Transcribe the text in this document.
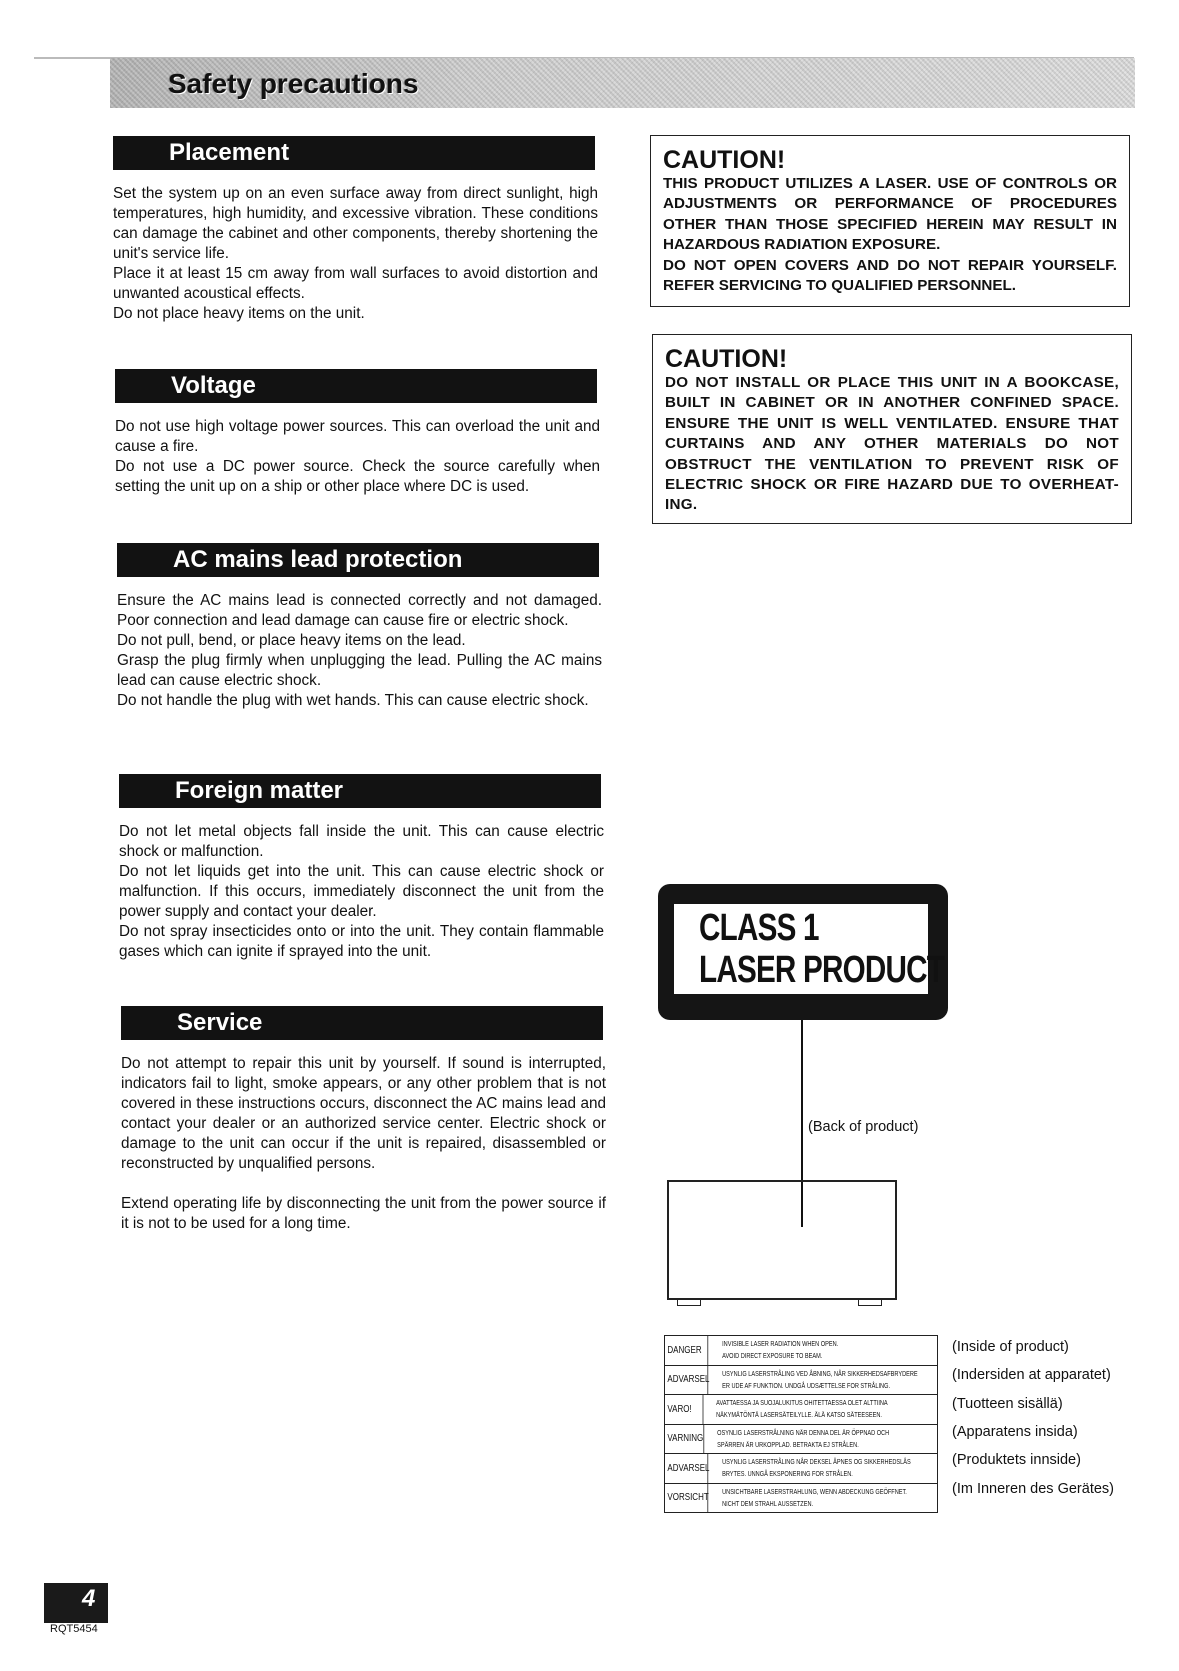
Safety precautions
Placement

Set the system up on an even surface away from direct sunlight, high temperatures, high humidity, and excessive vibration. These conditions can damage the cabinet and other components, thereby shortening the unit's service life.

Place it at least 15 cm away from wall surfaces to avoid distortion and unwanted acoustical effects.

Do not place heavy items on the unit.

Voltage

Do not use high voltage power sources. This can overload the unit and cause a fire.

Do not use a DC power source. Check the source carefully when setting the unit up on a ship or other place where DC is used.

AC mains lead protection

Ensure the AC mains lead is connected correctly and not damaged. Poor connection and lead damage can cause fire or electric shock.

Do not pull, bend, or place heavy items on the lead.

Grasp the plug firmly when unplugging the lead. Pulling the AC mains lead can cause electric shock.

Do not handle the plug with wet hands. This can cause electric shock.

Foreign matter

Do not let metal objects fall inside the unit. This can cause electric shock or malfunction.

Do not let liquids get into the unit. This can cause electric shock or malfunction. If this occurs, immediately disconnect the unit from the power supply and contact your dealer.

Do not spray insecticides onto or into the unit. They contain flammable gases which can ignite if sprayed into the unit.

Service

Do not attempt to repair this unit by yourself. If sound is interrupted, indicators fail to light, smoke appears, or any other problem that is not covered in these instructions occurs, disconnect the AC mains lead and contact your dealer or an authorized service center. Electric shock or damage to the unit can occur if the unit is repaired, disassembled or reconstructed by unqualified persons.

Extend operating life by disconnecting the unit from the power source if it is not to be used for a long time.

CAUTION!
THIS PRODUCT UTILIZES A LASER. USE OF CONTROLS OR ADJUSTMENTS OR PERFORMANCE OF PROCEDURES OTHER THAN THOSE SPECIFIED HEREIN MAY RESULT IN HAZARDOUS RADIATION EXPOSURE.
DO NOT OPEN COVERS AND DO NOT REPAIR YOURSELF. REFER SERVICING TO QUALIFIED PERSONNEL.
CAUTION!
DO NOT INSTALL OR PLACE THIS UNIT IN A BOOKCASE, BUILT IN CABINET OR IN ANOTHER CONFINED SPACE. ENSURE THE UNIT IS WELL VENTILATED. ENSURE THAT CURTAINS AND ANY OTHER MATERIALS DO NOT OBSTRUCT THE VENTILATION TO PREVENT RISK OF ELECTRIC SHOCK OR FIRE HAZARD DUE TO OVERHEAT-ING.
CLASS 1
LASER PRODUCT
(Back of product)
DANGER
INVISIBLE LASER RADIATION WHEN OPEN.
AVOID DIRECT EXPOSURE TO BEAM.
ADVARSEL
USYNLIG LASERSTRÅLING VED ÅBNING, NÅR SIKKERHEDSAFBRYDERE
ER UDE AF FUNKTION. UNDGÅ UDSÆTTELSE FOR STRÅLING.
VARO!
AVATTAESSA JA SUOJALUKITUS OHITETTAESSA OLET ALTTIINA
NÄKYMÄTÖNTÄ LASERSÄTEILYLLE. ÄLÄ KATSO SÄTEESEEN.
VARNING
OSYNLIG LASERSTRÅLNING NÄR DENNA DEL ÄR ÖPPNAD OCH
SPÄRREN ÄR URKOPPLAD. BETRAKTA EJ STRÅLEN.
ADVARSEL
USYNLIG LASERSTRÅLING NÅR DEKSEL ÅPNES OG SIKKERHEDSLÅS
BRYTES. UNNGÅ EKSPONERING FOR STRÅLEN.
VORSICHT
UNSICHTBARE LASERSTRAHLUNG, WENN ABDECKUNG GEÖFFNET.
NICHT DEM STRAHL AUSSETZEN.
(Inside of product)
(Indersiden at apparatet)
(Tuotteen sisällä)
(Apparatens insida)
(Produktets innside)
(Im Inneren des Gerätes)
4
RQT5454
